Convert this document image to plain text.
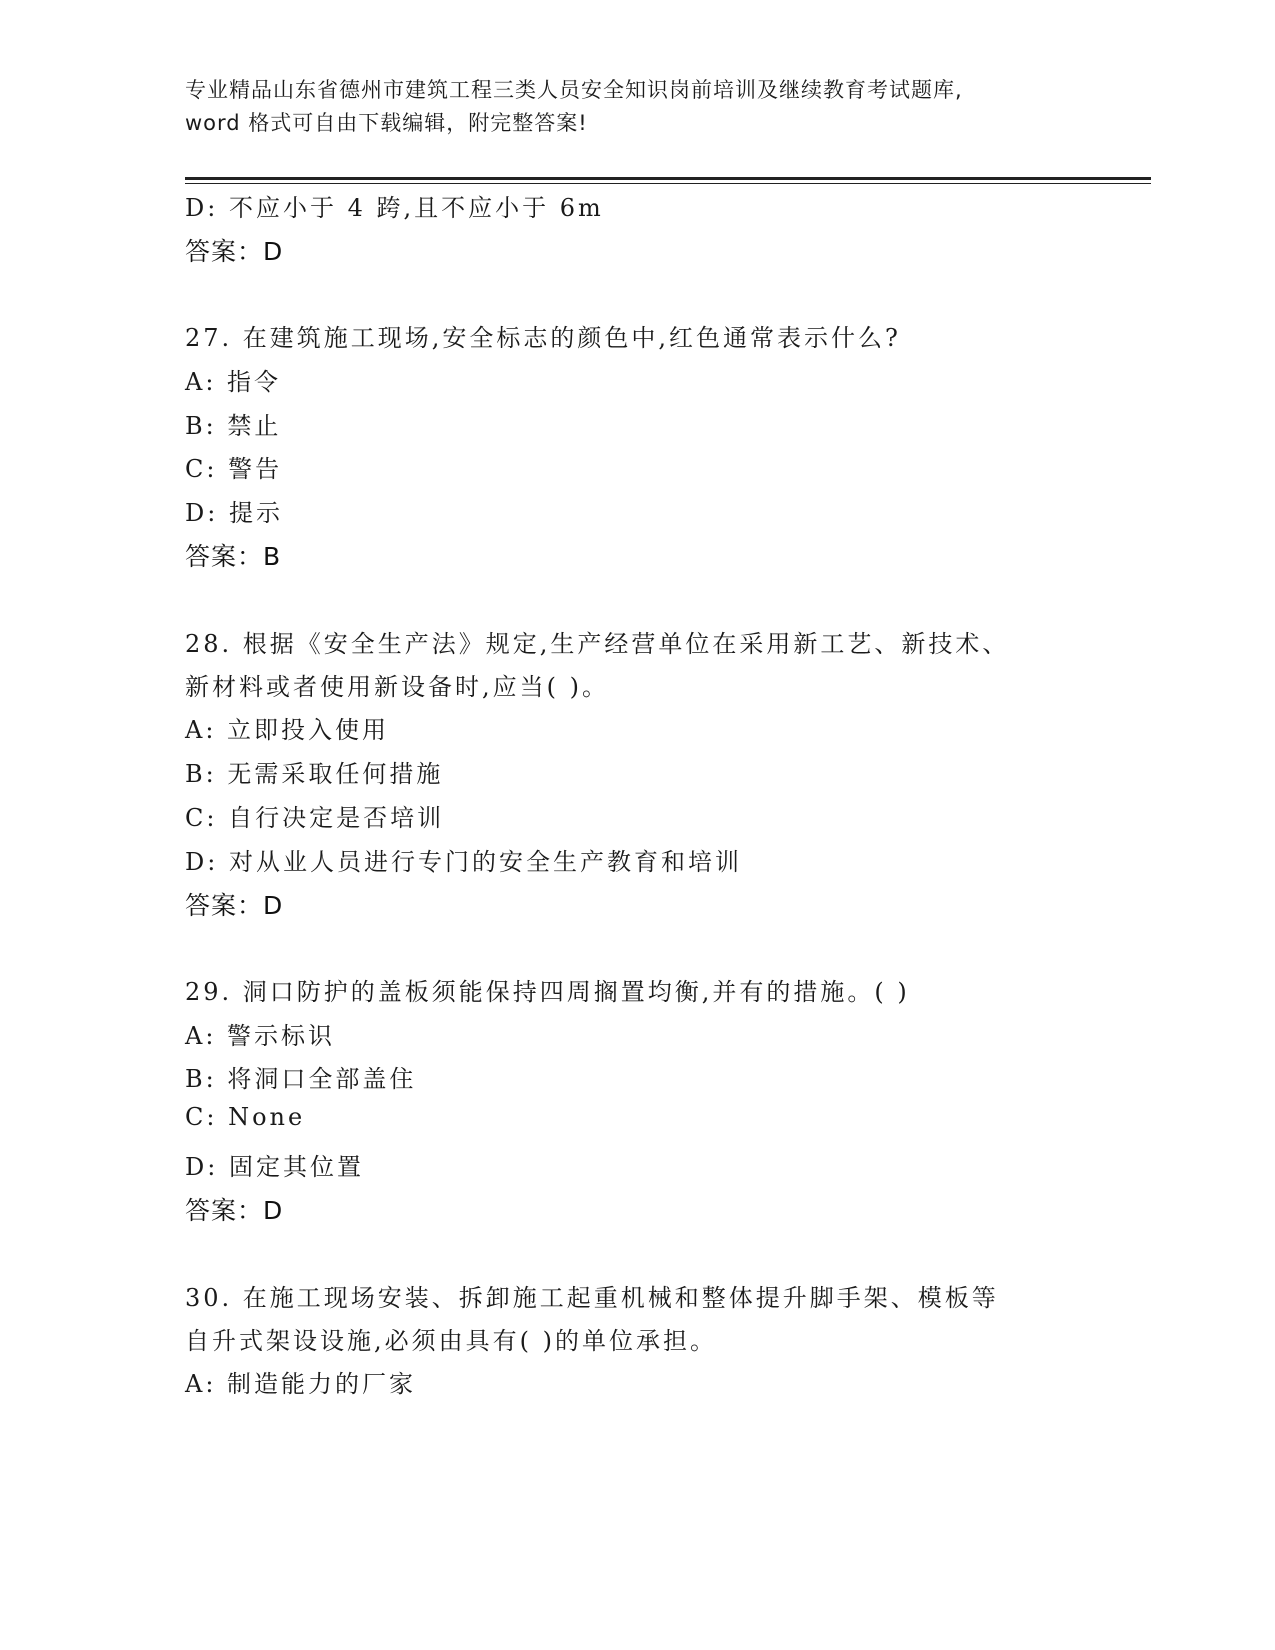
专业精品山东省德州市建筑工程三类人员安全知识岗前培训及继续教育考试题库,
word 格式可自由下载编辑，附完整答案!
D: 不应小于 4 跨,且不应小于 6m
答案：D
27. 在建筑施工现场,安全标志的颜色中,红色通常表示什么?
A: 指令
B: 禁止
C: 警告
D: 提示
答案：B
28. 根据《安全生产法》规定,生产经营单位在采用新工艺、新技术、
新材料或者使用新设备时,应当( )。
A: 立即投入使用
B: 无需采取任何措施
C: 自行决定是否培训
D: 对从业人员进行专门的安全生产教育和培训
答案：D
29. 洞口防护的盖板须能保持四周搁置均衡,并有的措施。( )
A: 警示标识
B: 将洞口全部盖住
C: None
D: 固定其位置
答案：D
30. 在施工现场安装、拆卸施工起重机械和整体提升脚手架、模板等
自升式架设设施,必须由具有( )的单位承担。
A: 制造能力的厂家
